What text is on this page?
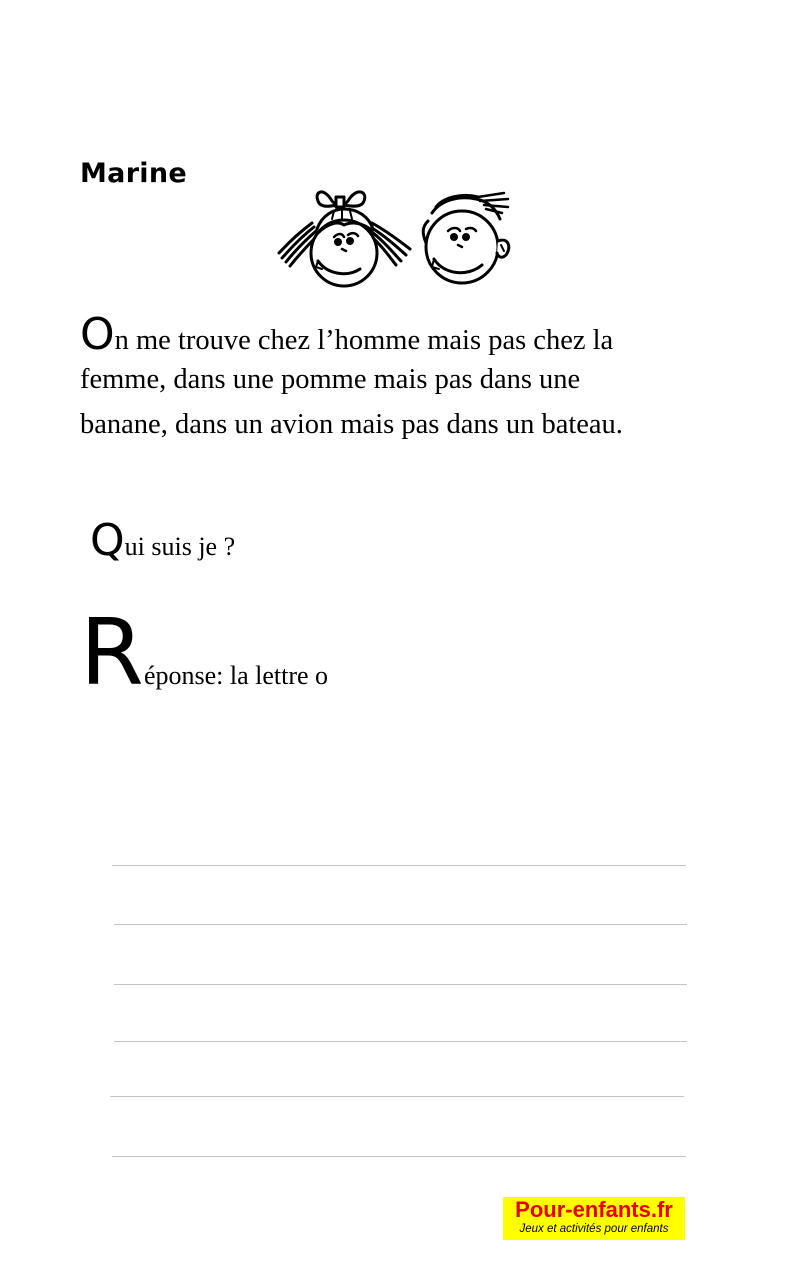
Marine
On me trouve chez l’homme mais pas chez la
femme, dans une pomme mais pas dans une
banane, dans un avion mais pas dans un bateau.
Qui suis je ?
Réponse: la lettre o
Pour-enfants.fr
Jeux et activités pour enfants
